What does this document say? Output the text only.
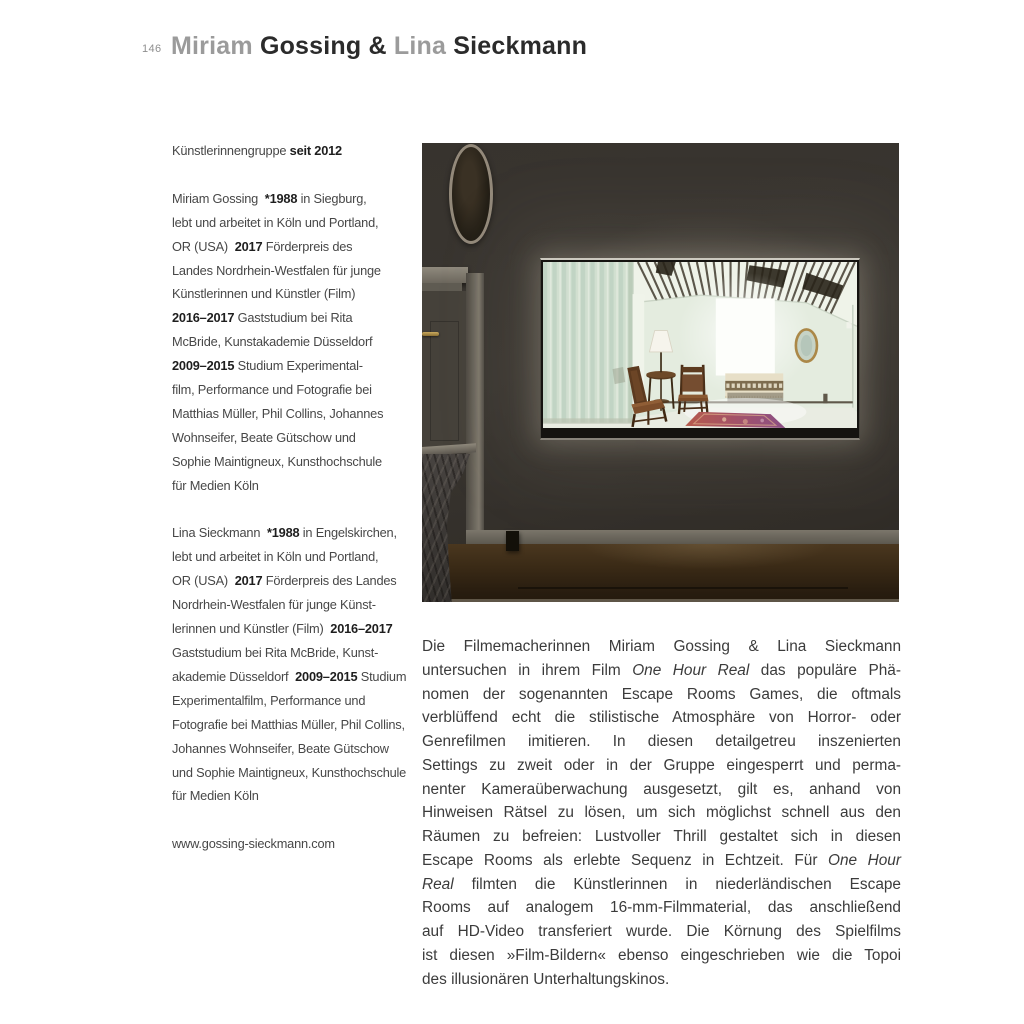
146 Miriam Gossing & Lina Sieckmann
Künstlerinnengruppe seit 2012
Miriam Gossing  *1988 in Siegburg,
lebt und arbeitet in Köln und Portland,
OR (USA)  2017 Förderpreis des
Landes Nordrhein-Westfalen für junge
Künstlerinnen und Künstler (Film)
2016–2017 Gaststudium bei Rita
McBride, Kunstakademie Düsseldorf
2009–2015 Studium Experimental-
film, Performance und Fotografie bei
Matthias Müller, Phil Collins, Johannes
Wohnseifer, Beate Gütschow und
Sophie Maintigneux, Kunsthochschule
für Medien Köln
Lina Sieckmann  *1988 in Engelskirchen,
lebt und arbeitet in Köln und Portland,
OR (USA)  2017 Förderpreis des Landes
Nordrhein-Westfalen für junge Künst-
lerinnen und Künstler (Film)  2016–2017
Gaststudium bei Rita McBride, Kunst-
akademie Düsseldorf  2009–2015 Studium
Experimentalfilm, Performance und
Fotografie bei Matthias Müller, Phil Collins,
Johannes Wohnseifer, Beate Gütschow
und Sophie Maintigneux, Kunsthochschule
für Medien Köln
www.gossing-sieckmann.com
Die Filmemacherinnen Miriam Gossing & Lina Sieckmann
untersuchen in ihrem Film One Hour Real das populäre Phä-
nomen der sogenannten Escape Rooms Games, die oftmals
verblüffend echt die stilistische Atmosphäre von Horror- oder
Genrefilmen imitieren. In diesen detailgetreu inszenierten
Settings zu zweit oder in der Gruppe eingesperrt und perma-
nenter Kameraüberwachung ausgesetzt, gilt es, anhand von
Hinweisen Rätsel zu lösen, um sich möglichst schnell aus den
Räumen zu befreien: Lustvoller Thrill gestaltet sich in diesen
Escape Rooms als erlebte Sequenz in Echtzeit. Für One Hour
Real filmten die Künstlerinnen in niederländischen Escape
Rooms auf analogem 16-mm-Filmmaterial, das anschließend
auf HD-Video transferiert wurde. Die Körnung des Spielfilms
ist diesen »Film-Bildern« ebenso eingeschrieben wie die Topoi
des illusionären Unterhaltungskinos.
